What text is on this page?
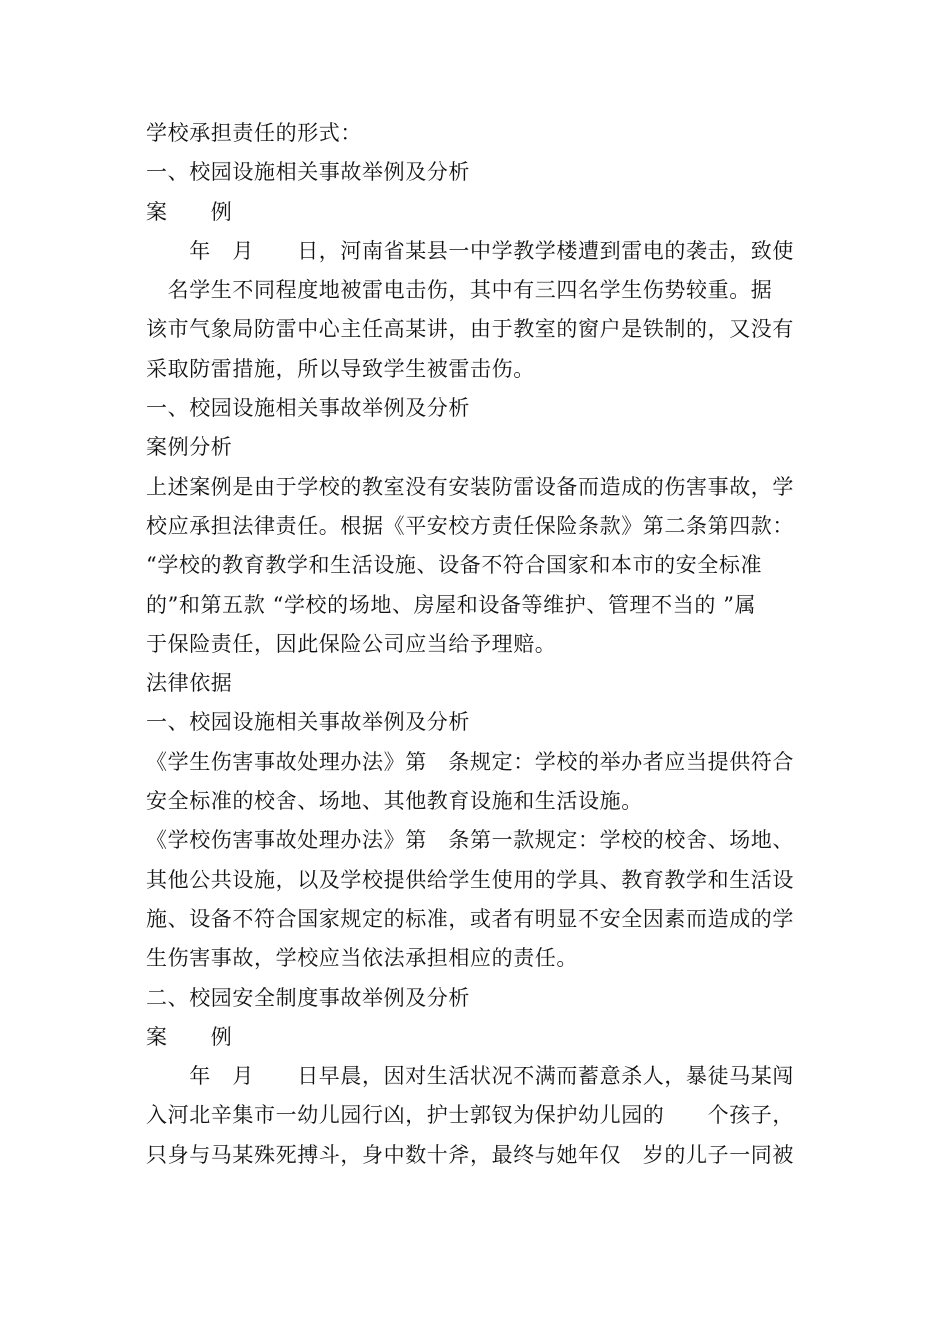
学校承担责任的形式：

一、校园设施相关事故举例及分析

案　　例

　　年　月　　日，河南省某县一中学教学楼遭到雷电的袭击，致使

　名学生不同程度地被雷电击伤，其中有三四名学生伤势较重。据

该市气象局防雷中心主任高某讲，由于教室的窗户是铁制的，又没有

采取防雷措施，所以导致学生被雷击伤。

一、校园设施相关事故举例及分析

案例分析

上述案例是由于学校的教室没有安装防雷设备而造成的伤害事故，学

校应承担法律责任。根据《平安校方责任保险条款》第二条第四款：

“学校的教育教学和生活设施、设备不符合国家和本市的安全标准

的”和第五款 “学校的场地、房屋和设备等维护、管理不当的 ”属

于保险责任，因此保险公司应当给予理赔。

法律依据

一、校园设施相关事故举例及分析

《学生伤害事故处理办法》第　条规定：学校的举办者应当提供符合

安全标准的校舍、场地、其他教育设施和生活设施。

《学校伤害事故处理办法》第　条第一款规定：学校的校舍、场地、

其他公共设施，以及学校提供给学生使用的学具、教育教学和生活设

施、设备不符合国家规定的标准，或者有明显不安全因素而造成的学

生伤害事故，学校应当依法承担相应的责任。

二、校园安全制度事故举例及分析

案　　例

　　年　月　　日早晨，因对生活状况不满而蓄意杀人，暴徒马某闯

入河北辛集市一幼儿园行凶，护士郭钗为保护幼儿园的　　个孩子，

只身与马某殊死搏斗，身中数十斧，最终与她年仅　岁的儿子一同被
